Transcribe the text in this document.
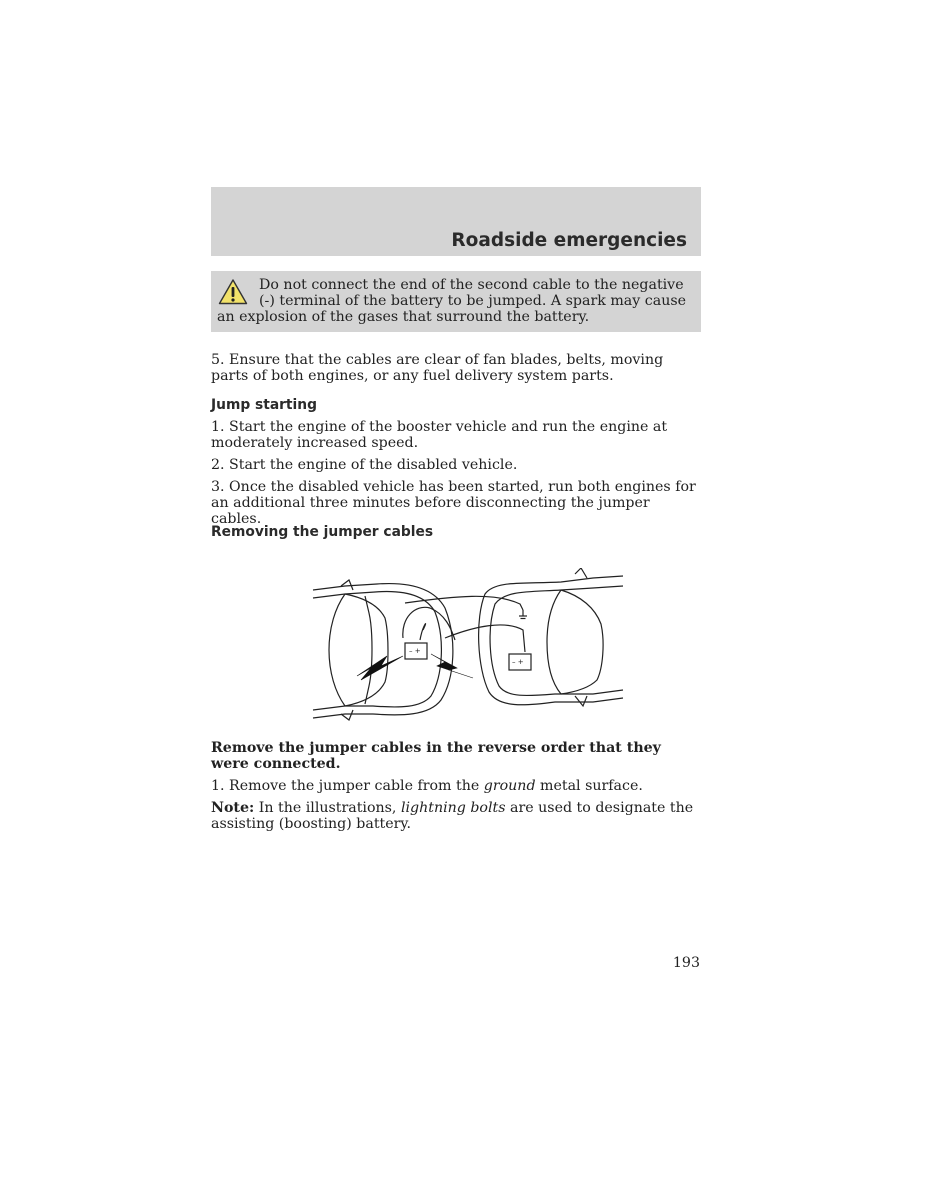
Roadside emergencies
Do not connect the end of the second cable to the negative (-) terminal of the battery to be jumped. A spark may cause an explosion of the gases that surround the battery.

5. Ensure that the cables are clear of fan blades, belts, moving parts of both engines, or any fuel delivery system parts.

Jump starting

1. Start the engine of the booster vehicle and run the engine at moderately increased speed.

2. Start the engine of the disabled vehicle.

3. Once the disabled vehicle has been started, run both engines for an additional three minutes before disconnecting the jumper cables.

Removing the jumper cables
– +
– +

Remove the jumper cables in the reverse order that they were connected.

1. Remove the jumper cable from the ground metal surface.

Note: In the illustrations, lightning bolts are used to designate the assisting (boosting) battery.

193
